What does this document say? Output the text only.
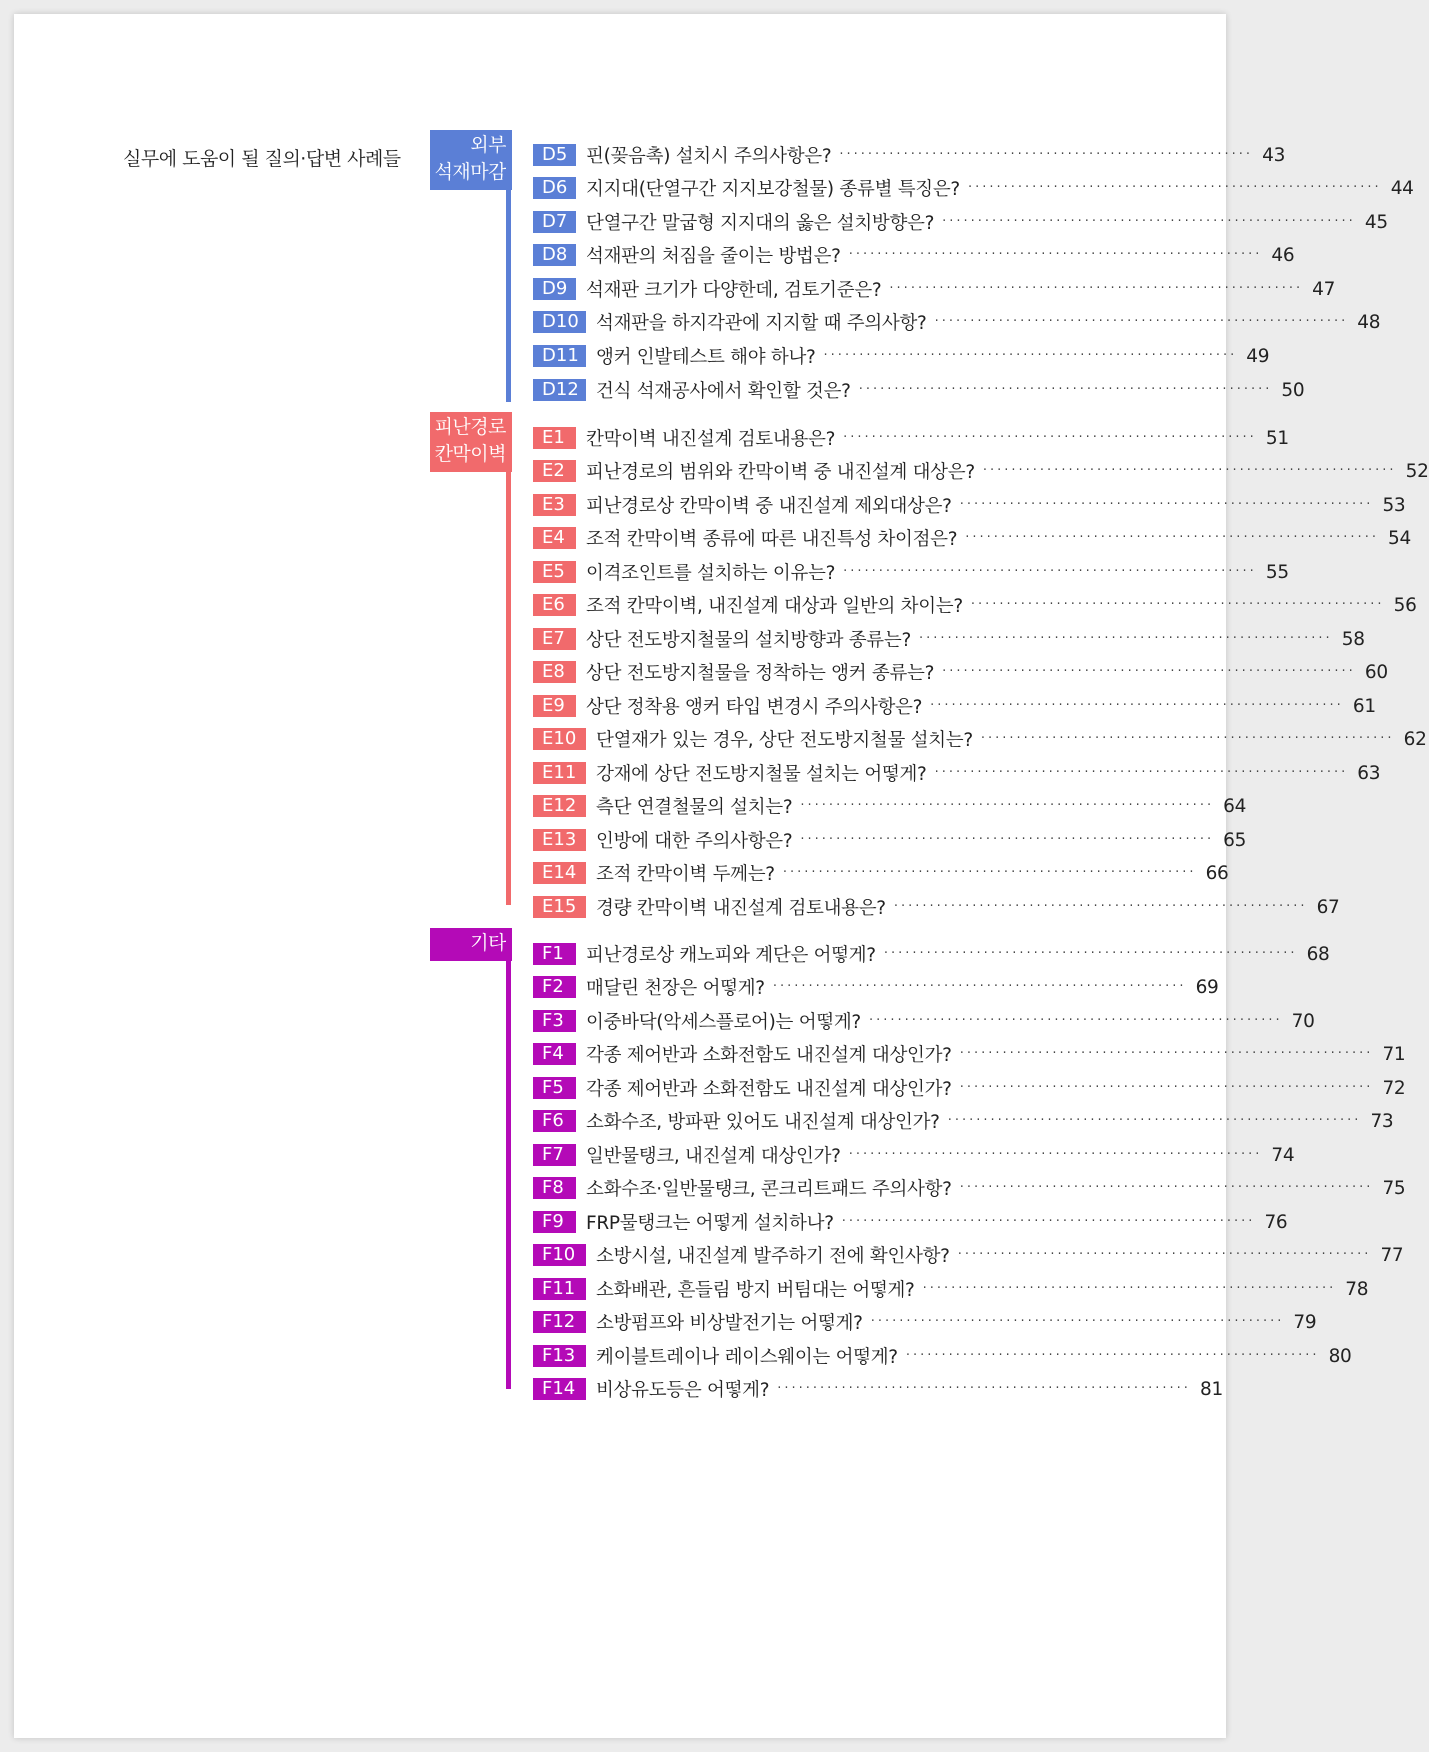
실무에 도움이 될 질의·답변 사례들
외부
석재마감
D5	핀(꽂음촉) 설치시 주의사항은? ·························································· 43
D6	지지대(단열구간 지지보강철물) 종류별 특징은? ·························································· 44
D7	단열구간 말굽형 지지대의 옳은 설치방향은? ·························································· 45
D8	석재판의 처짐을 줄이는 방법은? ·························································· 46
D9	석재판 크기가 다양한데, 검토기준은? ·························································· 47
D10 석재판을 하지각관에 지지할 때 주의사항? ·························································· 48
D11 앵커 인발테스트 해야 하나? ·························································· 49
D12 건식 석재공사에서 확인할 것은? ·························································· 50
피난경로
칸막이벽
E1	칸막이벽 내진설계 검토내용은? ·························································· 51
E2	피난경로의 범위와 칸막이벽 중 내진설계 대상은? ·························································· 52
E3	피난경로상 칸막이벽 중 내진설계 제외대상은? ·························································· 53
E4	조적 칸막이벽 종류에 따른 내진특성 차이점은? ·························································· 54
E5	이격조인트를 설치하는 이유는? ·························································· 55
E6	조적 칸막이벽, 내진설계 대상과 일반의 차이는? ·························································· 56
E7	상단 전도방지철물의 설치방향과 종류는? ·························································· 58
E8	상단 전도방지철물을 정착하는 앵커 종류는? ·························································· 60
E9	상단 정착용 앵커 타입 변경시 주의사항은? ·························································· 61
E10	단열재가 있는 경우, 상단 전도방지철물 설치는? ·························································· 62
E11	강재에 상단 전도방지철물 설치는 어떻게? ·························································· 63
E12	측단 연결철물의 설치는? ·························································· 64
E13	인방에 대한 주의사항은? ·························································· 65
E14	조적 칸막이벽 두께는? ·························································· 66
E15	경량 칸막이벽 내진설계 검토내용은? ·························································· 67
기타	F1	피난경로상 캐노피와 계단은 어떻게? ·························································· 68
F2	매달린 천장은 어떻게? ·························································· 69
F3	이중바닥(악세스플로어)는 어떻게? ·························································· 70
F4	각종 제어반과 소화전함도 내진설계 대상인가? ·························································· 71
F5	각종 제어반과 소화전함도 내진설계 대상인가? ·························································· 72
F6	소화수조, 방파판 있어도 내진설계 대상인가? ·························································· 73
F7	일반물탱크, 내진설계 대상인가? ·························································· 74
F8	소화수조·일반물탱크, 콘크리트패드 주의사항? ·························································· 75
F9	FRP물탱크는 어떻게 설치하나? ·························································· 76
F10	소방시설, 내진설계 발주하기 전에 확인사항? ·························································· 77
F11	소화배관, 흔들림 방지 버팀대는 어떻게? ·························································· 78
F12	소방펌프와 비상발전기는 어떻게? ·························································· 79
F13	케이블트레이나 레이스웨이는 어떻게? ·························································· 80
F14	비상유도등은 어떻게? ·························································· 81
